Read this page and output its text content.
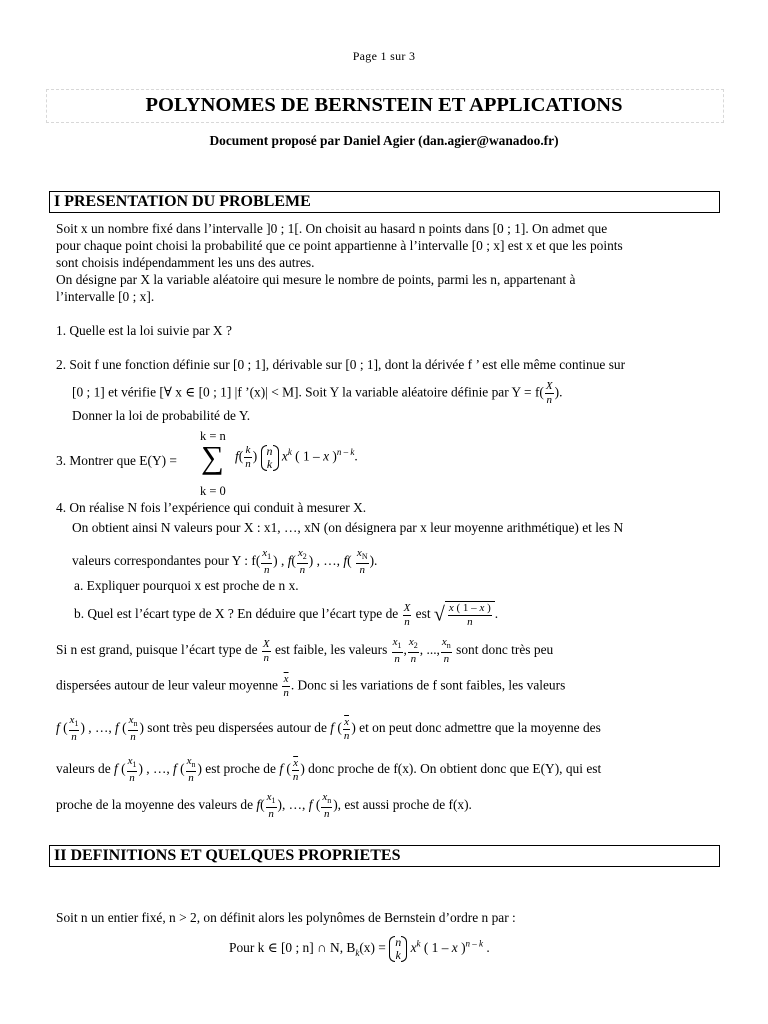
Page 1 sur 3
POLYNOMES DE BERNSTEIN ET APPLICATIONS
Document proposé par Daniel Agier (dan.agier@wanadoo.fr)
I PRESENTATION DU PROBLEME
Soit x un nombre fixé dans l’intervalle ]0 ; 1[. On choisit au hasard n points dans [0 ; 1]. On admet que
pour chaque point choisi la probabilité que ce point appartienne à l’intervalle [0 ; x] est x et que les points
sont choisis indépendamment les uns des autres.
On désigne par X la variable aléatoire qui mesure le nombre de points, parmi les n, appartenant à
l’intervalle [0 ; x].
1. Quelle est la loi suivie par X ?
2. Soit f une fonction définie sur [0 ; 1], dérivable sur [0 ; 1], dont la dérivée f ’ est elle même continue sur
[0 ; 1] et vérifie [∀ x ∈ [0 ; 1] |f ’(x)| < M]. Soit Y la variable aléatoire définie par $Y = f( \frac{X}{n}$ ).
Donner la loi de probabilité de Y.
k = n
3. Montrer que E(Y) = ∑ $f( \frac{k}{n}$ ) n
k $x^k$ ( 1 – x )$^{n - k}$.
k = 0
4. On réalise N fois l’expérience qui conduit à mesurer X.
On obtient ainsi N valeurs pour X : x1, …, xN (on désignera par x leur moyenne arithmétique) et les N
valeurs correspondantes pour Y : $f( \frac{x_1}{n}$ ) , $f( \frac{x_2}{n}$ ) , …, $f( \frac{x_N}{n}$ ).
a. Expliquer pourquoi x est proche de n x.
b. Quel est l’écart type de X ? En déduire que l’écart type de $\frac{X}{n}$ est √ $\frac{x ( 1 - x )}{n}$ .
Si n est grand, puisque l’écart type de $\frac{X}{n}$ est faible, les valeurs $\frac{x_1}{n}$ , $\frac{x_2}{n}$ , ..., $\frac{x_n}{n}$ sont donc très peu
dispersées autour de leur valeur moyenne $\frac{\overline{x}}{n}$ . Donc si les variations de f sont faibles, les valeurs
f ( $\frac{x_1}{n}$ ) , …, f ( $\frac{x_n}{n}$ ) sont très peu dispersées autour de f ( $\frac{\overline{x}}{n}$ ) et on peut donc admettre que la moyenne des
valeurs de f ( $\frac{x_1}{n}$ ) , …, f ( $\frac{x_n}{n}$ ) est proche de f ( $\frac{\overline{x}}{n}$ ) donc proche de f(x). On obtient donc que E(Y), qui est
proche de la moyenne des valeurs de $f( \frac{x_1}{n}$ ), …, f ( $\frac{x_n}{n}$ ), est aussi proche de f(x).
II DEFINITIONS ET QUELQUES PROPRIETES
Soit n un entier fixé, n > 2, on définit alors les polynômes de Bernstein d’ordre n par :
Pour k ∈ [0 ; n] ∩ N, $B_k(x) = n$
k $x^k$ ( 1 – x )$^{n - k}$ .
